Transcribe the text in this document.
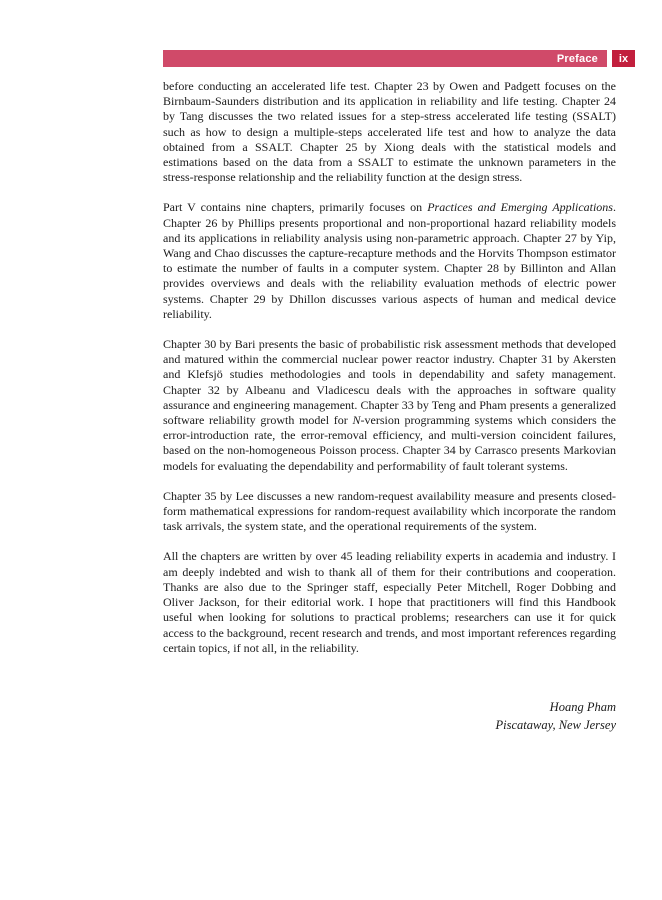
Preface ix

before conducting an accelerated life test. Chapter 23 by Owen and Padgett focuses on the Birnbaum-Saunders distribution and its application in reliability and life testing. Chapter 24 by Tang discusses the two related issues for a step-stress accelerated life testing (SSALT) such as how to design a multiple-steps accelerated life test and how to analyze the data obtained from a SSALT. Chapter 25 by Xiong deals with the statistical models and estimations based on the data from a SSALT to estimate the unknown parameters in the stress-response relationship and the reliability function at the design stress.

Part V contains nine chapters, primarily focuses on Practices and Emerging Applications. Chapter 26 by Phillips presents proportional and non-proportional hazard reliability models and its applications in reliability analysis using non-parametric approach. Chapter 27 by Yip, Wang and Chao discusses the capture-recapture methods and the Horvits Thompson estimator to estimate the number of faults in a computer system. Chapter 28 by Billinton and Allan provides overviews and deals with the reliability evaluation methods of electric power systems. Chapter 29 by Dhillon discusses various aspects of human and medical device reliability.

Chapter 30 by Bari presents the basic of probabilistic risk assessment methods that developed and matured within the commercial nuclear power reactor industry. Chapter 31 by Akersten and Klefsjö studies methodologies and tools in dependability and safety management. Chapter 32 by Albeanu and Vladicescu deals with the approaches in software quality assurance and engineering management. Chapter 33 by Teng and Pham presents a generalized software reliability growth model for N-version programming systems which considers the error-introduction rate, the error-removal efficiency, and multi-version coincident failures, based on the non-homogeneous Poisson process. Chapter 34 by Carrasco presents Markovian models for evaluating the dependability and performability of fault tolerant systems.

Chapter 35 by Lee discusses a new random-request availability measure and presents closed-form mathematical expressions for random-request availability which incorporate the random task arrivals, the system state, and the operational requirements of the system.

All the chapters are written by over 45 leading reliability experts in academia and industry. I am deeply indebted and wish to thank all of them for their contributions and cooperation. Thanks are also due to the Springer staff, especially Peter Mitchell, Roger Dobbing and Oliver Jackson, for their editorial work. I hope that practitioners will find this Handbook useful when looking for solutions to practical problems; researchers can use it for quick access to the background, recent research and trends, and most important references regarding certain topics, if not all, in the reliability.

Hoang Pham
Piscataway, New Jersey
